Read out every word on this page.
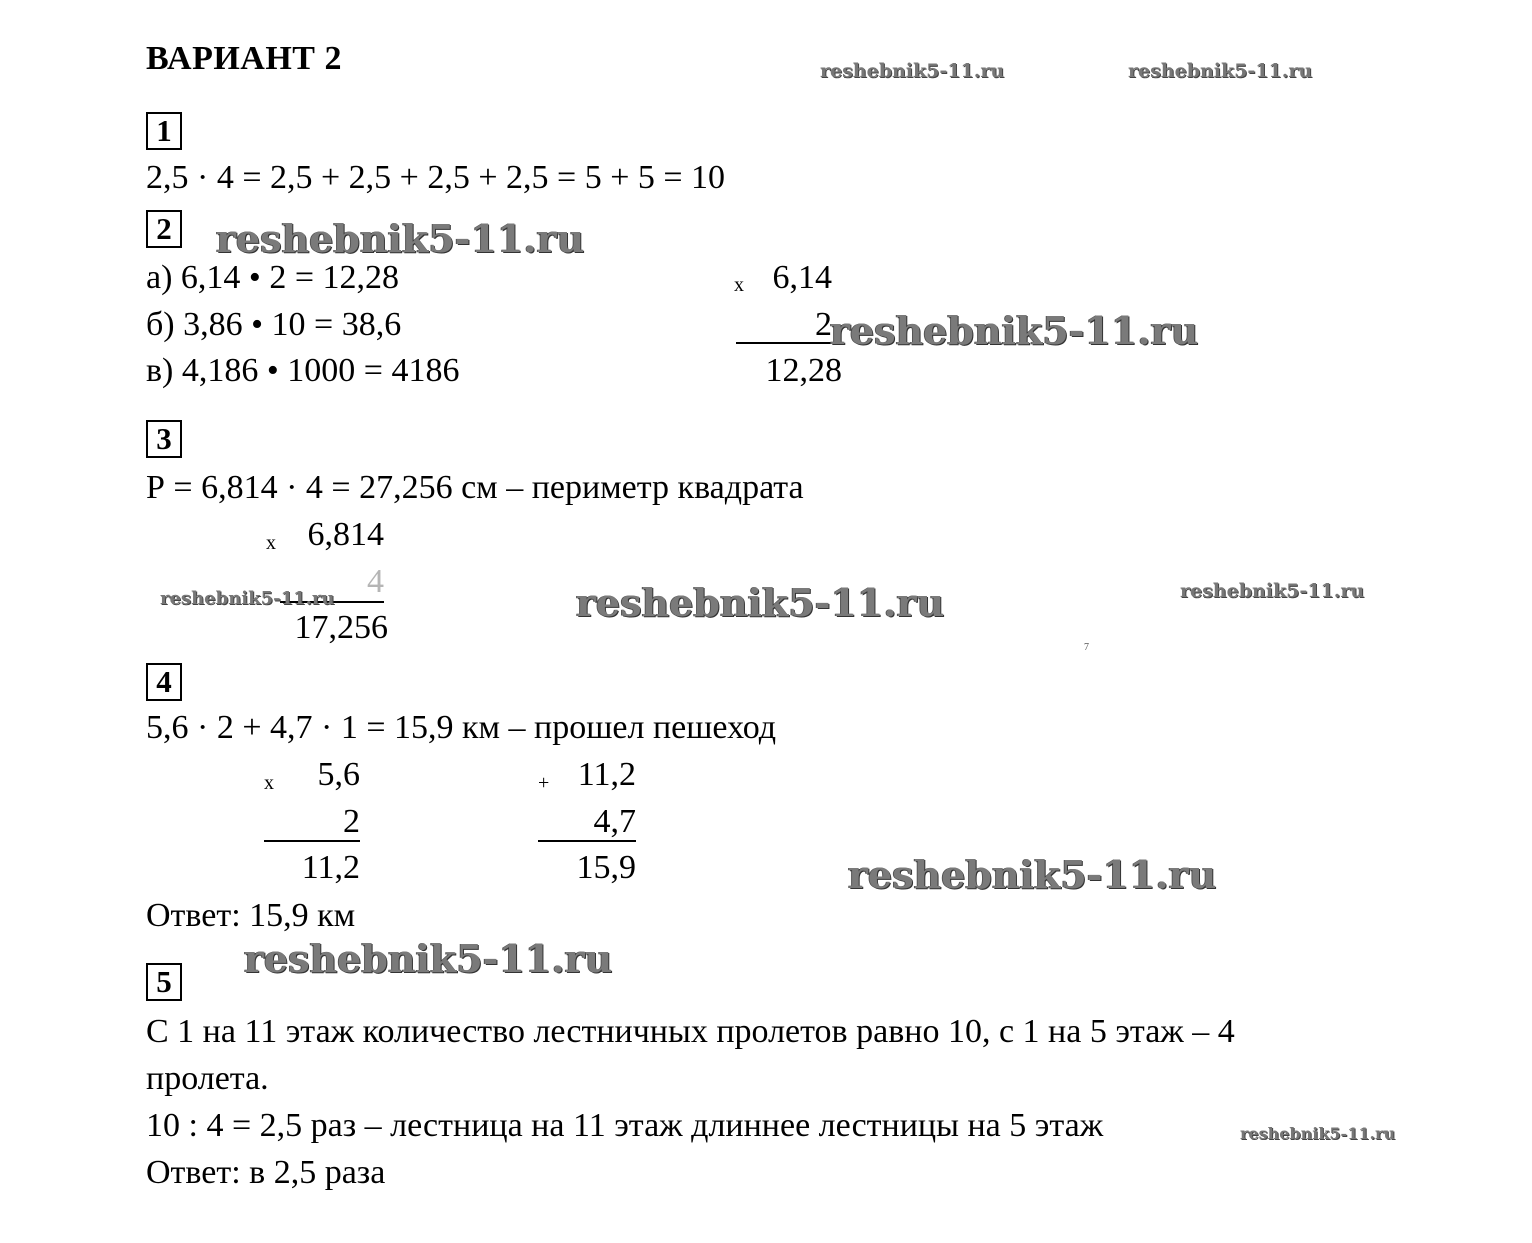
ВАРИАНТ 2
1
2,5 · 4 = 2,5 + 2,5 + 2,5 + 2,5 = 5 + 5 = 10
2
а) 6,14 • 2 = 12,28
б) 3,86 • 10 = 38,6
в) 4,186 • 1000 = 4186
x 6,14
2
12,28
3
Р = 6,814 · 4 = 27,256 см – периметр квадрата
x 6,814
4
17,256
7
4
5,6 · 2 + 4,7 · 1 = 15,9 км – прошел пешеход
x	5,6
2
11,2
+ 11,2
4,7
15,9
Ответ: 15,9 км
5
С 1 на 11 этаж количество лестничных пролетов равно 10, с 1 на 5 этаж – 4
пролета.
10 : 4 = 2,5 раз – лестница на 11 этаж длиннее лестницы на 5 этаж
Ответ: в 2,5 раза
reshebnik5-11.ru	reshebnik5-11.ru
reshebnik5-11.ru
reshebnik5-11.ru
reshebnik5-11.ru	reshebnik5-11.ru	reshebnik5-11.ru
reshebnik5-11.ru
reshebnik5-11.ru
reshebnik5-11.ru
